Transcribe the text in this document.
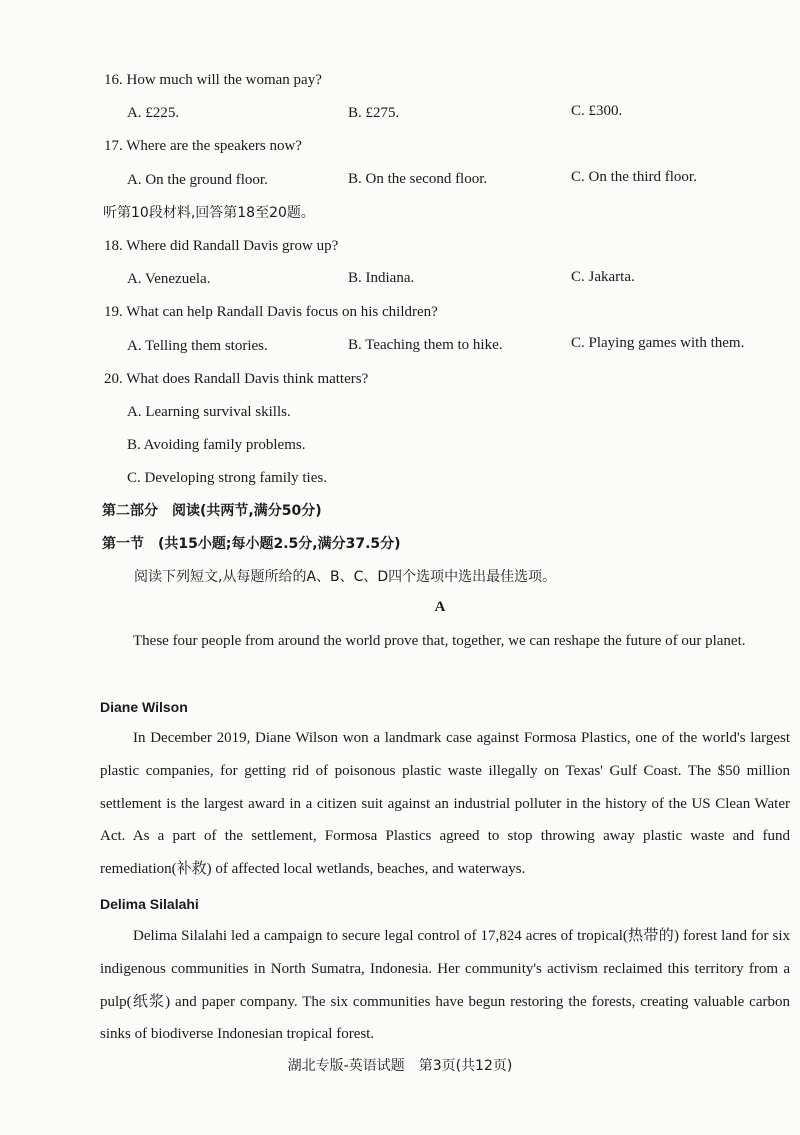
16. How much will the woman pay?
A. £225.	B. £275.	C. £300.
17. Where are the speakers now?
A. On the ground floor.	B. On the second floor.	C. On the third floor.
听第10段材料,回答第18至20题。
18. Where did Randall Davis grow up?
A. Venezuela.	B. Indiana.	C. Jakarta.
19. What can help Randall Davis focus on his children?
A. Telling them stories.	B. Teaching them to hike.	C. Playing games with them.
20. What does Randall Davis think matters?
A. Learning survival skills.
B. Avoiding family problems.
C. Developing strong family ties.
第二部分　阅读(共两节,满分50分)
第一节　(共15小题;每小题2.5分,满分37.5分)
阅读下列短文,从每题所给的A、B、C、D四个选项中选出最佳选项。
A
These four people from around the world prove that, together, we can reshape the future of our planet.
Diane Wilson
In December 2019, Diane Wilson won a landmark case against Formosa Plastics, one of the world's largest plastic companies, for getting rid of poisonous plastic waste illegally on Texas' Gulf Coast. The $50 million settlement is the largest award in a citizen suit against an industrial polluter in the history of the US Clean Water Act. As a part of the settlement, Formosa Plastics agreed to stop throwing away plastic waste and fund remediation(补救) of affected local wetlands, beaches, and waterways.
Delima Silalahi
Delima Silalahi led a campaign to secure legal control of 17,824 acres of tropical(热带的) forest land for six indigenous communities in North Sumatra, Indonesia. Her community's activism reclaimed this territory from a pulp(纸浆) and paper company. The six communities have begun restoring the forests, creating valuable carbon sinks of biodiverse Indonesian tropical forest.
湖北专版-英语试题　第3页(共12页)
